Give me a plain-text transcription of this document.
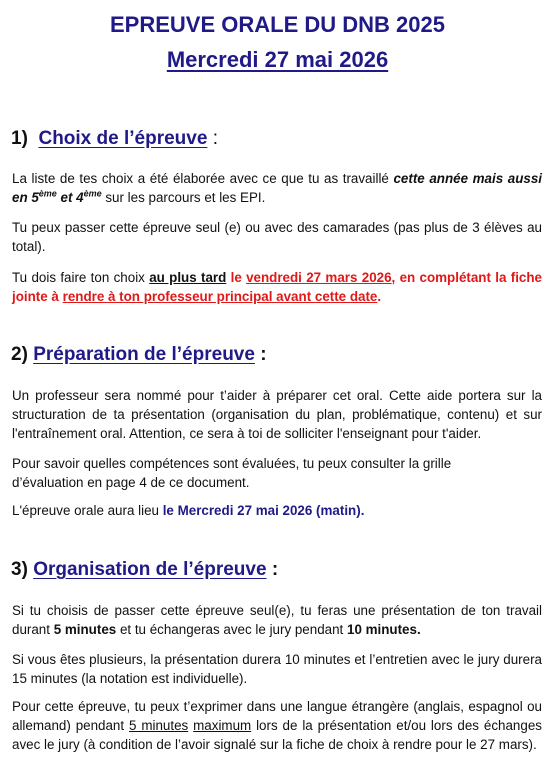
EPREUVE ORALE DU DNB 2025
Mercredi 27 mai 2026
1) Choix de l’épreuve :
La liste de tes choix a été élaborée avec ce que tu as travaillé cette année mais aussi en 5ème et 4ème sur les parcours et les EPI.
Tu peux passer cette épreuve seul (e) ou avec des camarades (pas plus de 3 élèves au total).
Tu dois faire ton choix au plus tard le vendredi 27 mars 2026, en complétant la fiche jointe à rendre à ton professeur principal avant cette date.
2) Préparation de l’épreuve :
Un professeur sera nommé pour t’aider à préparer cet oral. Cette aide portera sur la structuration de ta présentation (organisation du plan, problématique, contenu) et sur l'entraînement oral. Attention, ce sera à toi de solliciter l'enseignant pour t'aider.
Pour savoir quelles compétences sont évaluées, tu peux consulter la grille
d’évaluation en page 4 de ce document.
L'épreuve orale aura lieu le Mercredi 27 mai 2026 (matin).
3) Organisation de l’épreuve :
Si tu choisis de passer cette épreuve seul(e), tu feras une présentation de ton travail durant 5 minutes et tu échangeras avec le jury pendant 10 minutes.
Si vous êtes plusieurs, la présentation durera 10 minutes et l’entretien avec le jury durera 15 minutes (la notation est individuelle).
Pour cette épreuve, tu peux t’exprimer dans une langue étrangère (anglais, espagnol ou allemand) pendant 5 minutes maximum lors de la présentation et/ou lors des échanges avec le jury (à condition de l’avoir signalé sur la fiche de choix à rendre pour le 27 mars).
